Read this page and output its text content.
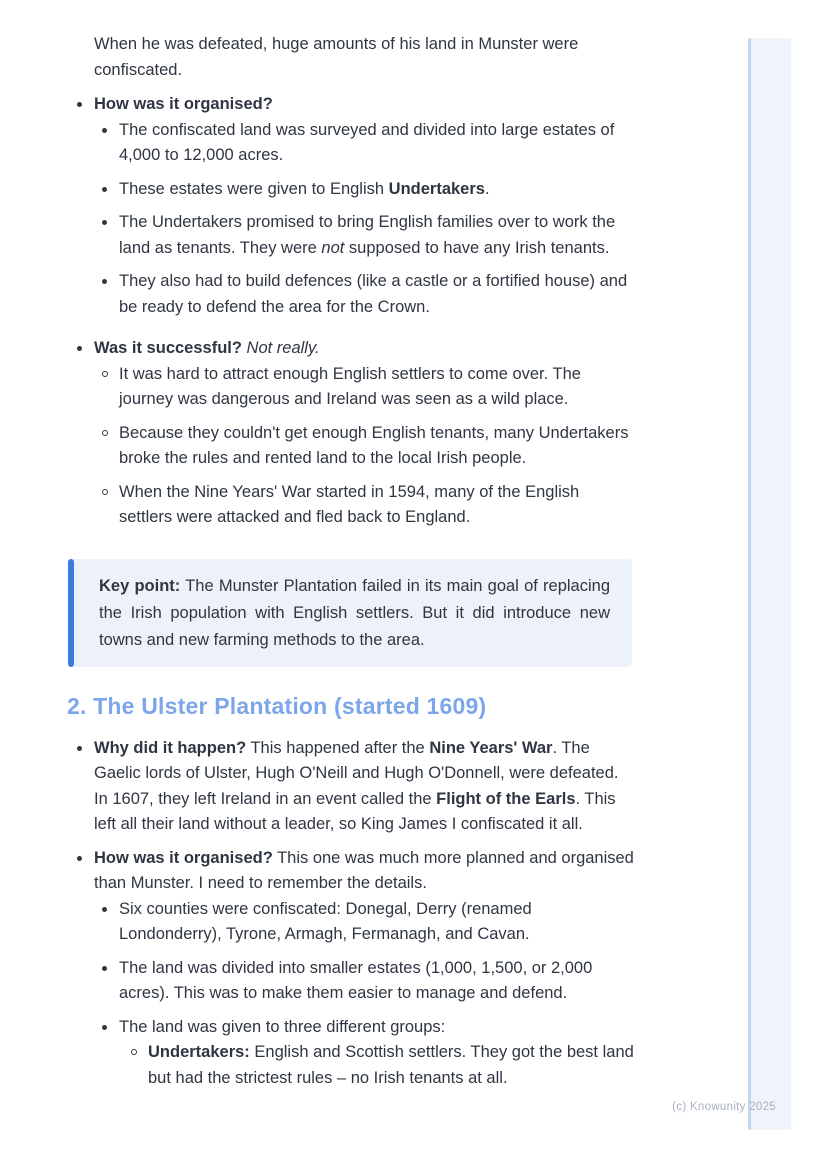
(c) Knowunity 2025

When he was defeated, huge amounts of his land in Munster were confiscated.

How was it organised?
The confiscated land was surveyed and divided into large estates of 4,000 to 12,000 acres.
These estates were given to English Undertakers.
The Undertakers promised to bring English families over to work the land as tenants. They were not supposed to have any Irish tenants.
They also had to build defences (like a castle or a fortified house) and be ready to defend the area for the Crown.
Was it successful? Not really.
It was hard to attract enough English settlers to come over. The journey was dangerous and Ireland was seen as a wild place.
Because they couldn't get enough English tenants, many Undertakers broke the rules and rented land to the local Irish people.
When the Nine Years' War started in 1594, many of the English settlers were attacked and fled back to England.

Key point: The Munster Plantation failed in its main goal of replacing the Irish population with English settlers. But it did introduce new towns and new farming methods to the area.

2. The Ulster Plantation (started 1609)
Why did it happen? This happened after the Nine Years' War. The Gaelic lords of Ulster, Hugh O'Neill and Hugh O'Donnell, were defeated. In 1607, they left Ireland in an event called the Flight of the Earls. This left all their land without a leader, so King James I confiscated it all.
How was it organised? This one was much more planned and organised than Munster. I need to remember the details.
Six counties were confiscated: Donegal, Derry (renamed Londonderry), Tyrone, Armagh, Fermanagh, and Cavan.
The land was divided into smaller estates (1,000, 1,500, or 2,000 acres). This was to make them easier to manage and defend.
The land was given to three different groups:
Undertakers: English and Scottish settlers. They got the best land but had the strictest rules – no Irish tenants at all.
